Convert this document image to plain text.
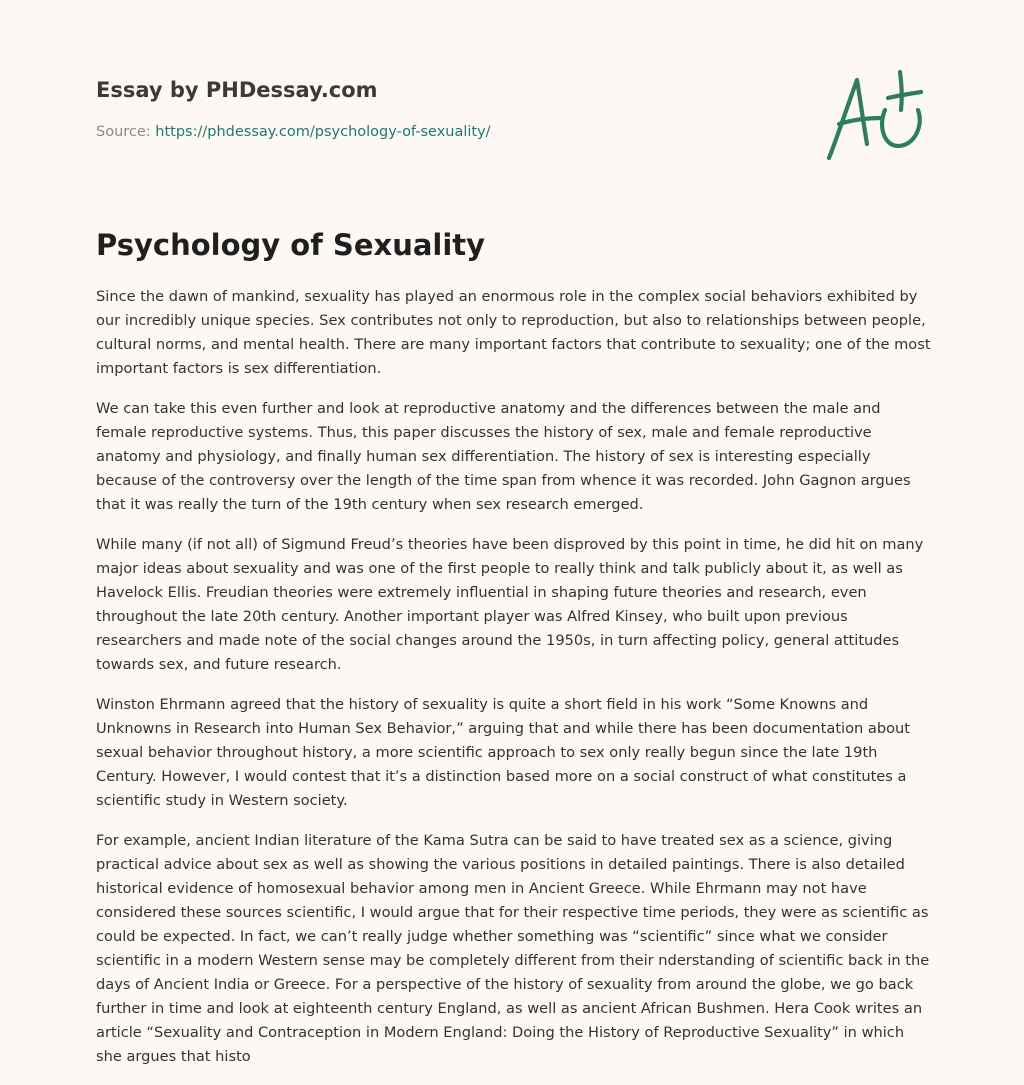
Essay by PHDessay.com

Source: https://phdessay.com/psychology-of-sexuality/
Psychology of Sexuality

Since the dawn of mankind, sexuality has played an enormous role in the complex social behaviors exhibited by our incredibly unique species. Sex contributes not only to reproduction, but also to relationships between people, cultural norms, and mental health. There are many important factors that contribute to sexuality; one of the most important factors is sex differentiation.

We can take this even further and look at reproductive anatomy and the differences between the male and female reproductive systems. Thus, this paper discusses the history of sex, male and female reproductive anatomy and physiology, and finally human sex differentiation. The history of sex is interesting especially because of the controversy over the length of the time span from whence it was recorded. John Gagnon argues that it was really the turn of the 19th century when sex research emerged.

While many (if not all) of Sigmund Freud’s theories have been disproved by this point in time, he did hit on many major ideas about sexuality and was one of the first people to really think and talk publicly about it, as well as Havelock Ellis. Freudian theories were extremely influential in shaping future theories and research, even throughout the late 20th century. Another important player was Alfred Kinsey, who built upon previous researchers and made note of the social changes around the 1950s, in turn affecting policy, general attitudes towards sex, and future research.

Winston Ehrmann agreed that the history of sexuality is quite a short field in his work “Some Knowns and Unknowns in Research into Human Sex Behavior,” arguing that and while there has been documentation about sexual behavior throughout history, a more scientific approach to sex only really begun since the late 19th Century. However, I would contest that it’s a distinction based more on a social construct of what constitutes a scientific study in Western society.

For example, ancient Indian literature of the Kama Sutra can be said to have treated sex as a science, giving practical advice about sex as well as showing the various positions in detailed paintings. There is also detailed historical evidence of homosexual behavior among men in Ancient Greece. While Ehrmann may not have considered these sources scientific, I would argue that for their respective time periods, they were as scientific as could be expected. In fact, we can’t really judge whether something was “scientific” since what we consider scientific in a modern Western sense may be completely different from their nderstanding of scientific back in the days of Ancient India or Greece. For a perspective of the history of sexuality from around the globe, we go back further in time and look at eighteenth century England, as well as ancient African Bushmen. Hera Cook writes an article “Sexuality and Contraception in Modern England: Doing the History of Reproductive Sexuality” in which she argues that histo
